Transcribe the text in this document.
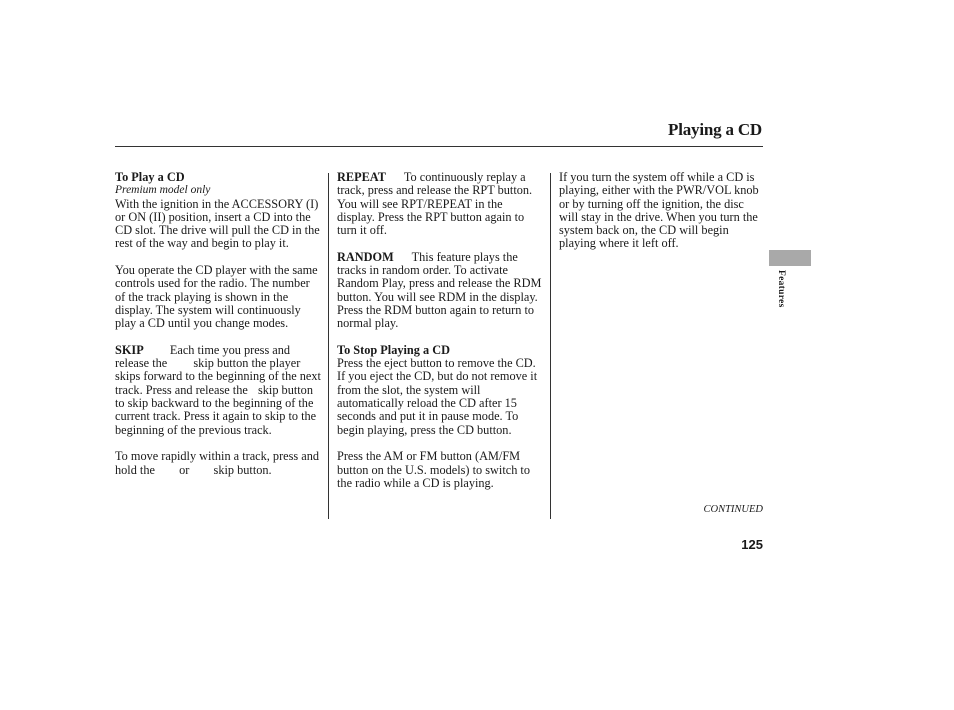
Playing a CD

To Play a CD
Premium model only
With the ignition in the ACCESSORY (I) or ON (II) position, insert a CD into the CD slot. The drive will pull the CD in the rest of the way and begin to play it.

You operate the CD player with the same controls used for the radio. The number of the track playing is shown in the display. The system will continuously play a CD until you change modes.

SKIP Each time you press and release the skip button the player skips forward to the beginning of the next track. Press and release the skip button to skip backward to the beginning of the current track. Press it again to skip to the beginning of the previous track.

To move rapidly within a track, press and hold the or skip button.

REPEAT To continuously replay a track, press and release the RPT button. You will see RPT/REPEAT in the display. Press the RPT button again to turn it off.

RANDOM This feature plays the tracks in random order. To activate Random Play, press and release the RDM button. You will see RDM in the display. Press the RDM button again to return to normal play.

To Stop Playing a CD
Press the eject button to remove the CD. If you eject the CD, but do not remove it from the slot, the system will automatically reload the CD after 15 seconds and put it in pause mode. To begin playing, press the CD button.

Press the AM or FM button (AM/FM button on the U.S. models) to switch to the radio while a CD is playing.

If you turn the system off while a CD is playing, either with the PWR/VOL knob or by turning off the ignition, the disc will stay in the drive. When you turn the system back on, the CD will begin playing where it left off.

Features
CONTINUED
125
